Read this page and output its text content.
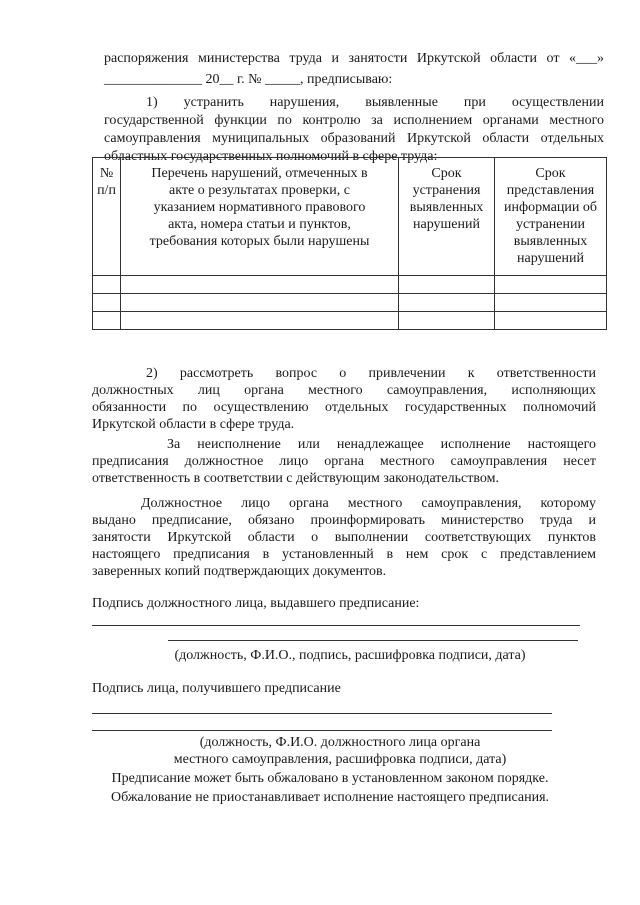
распоряжения министерства труда и занятости Иркутской области от «___»

______________ 20__ г. № _____, предписываю:

1) устранить нарушения, выявленные при осуществлении

государственной функции по контролю за исполнением органами местного

самоуправления муниципальных образований Иркутской области отдельных

областных государственных полномочий в сфере труда:

№ п/п	Перечень нарушений, отмеченных в акте о результатах проверки, с указанием нормативного правового акта, номера статьи и пунктов, требования которых были нарушены	Срок устранения выявленных нарушений	Срок представления информации об устранении выявленных нарушений

2) рассмотреть вопрос о привлечении к ответственности

должностных лиц органа местного самоуправления, исполняющих

обязанности по осуществлению отдельных государственных полномочий

Иркутской области в сфере труда.

За неисполнение или ненадлежащее исполнение настоящего

предписания должностное лицо органа местного самоуправления несет

ответственность в соответствии с действующим законодательством.

Должностное лицо органа местного самоуправления, которому

выдано предписание, обязано проинформировать министерство труда и

занятости Иркутской области о выполнении соответствующих пунктов

настоящего предписания в установленный в нем срок с представлением

заверенных копий подтверждающих документов.

Подпись должностного лица, выдавшего предписание:

(должность, Ф.И.О., подпись, расшифровка подписи, дата)

Подпись лица, получившего предписание

(должность, Ф.И.О. должностного лица органа

местного самоуправления, расшифровка подписи, дата)

Предписание может быть обжаловано в установленном законом порядке.

Обжалование не приостанавливает исполнение настоящего предписания.
